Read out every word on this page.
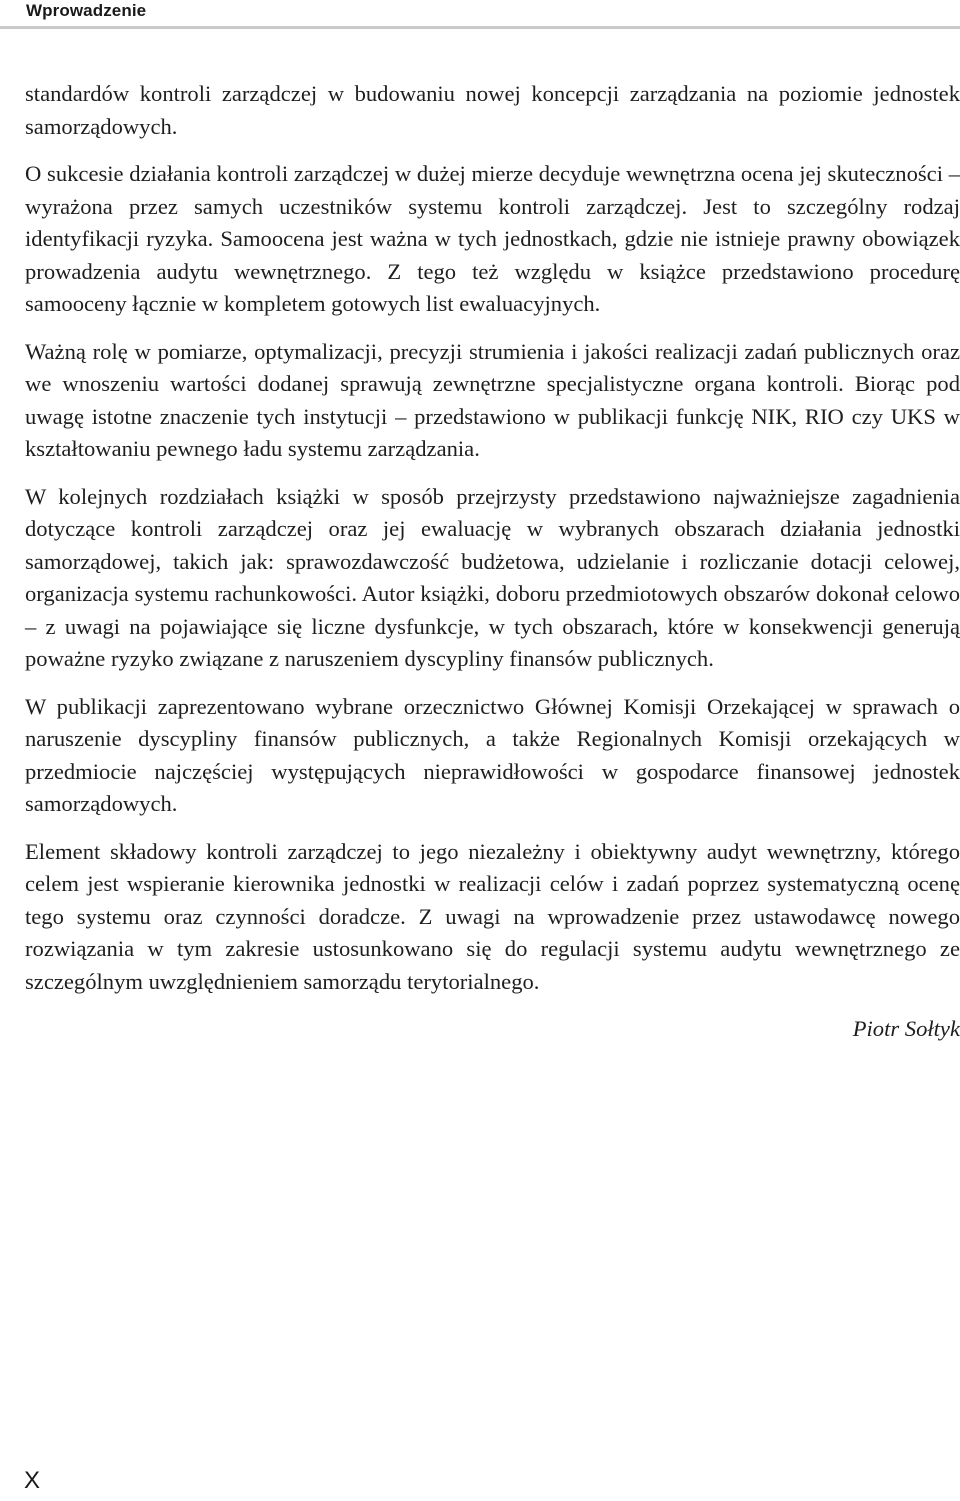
Wprowadzenie

standardów kontroli zarządczej w budowaniu nowej koncepcji zarządzania na poziomie jednostek samorządowych.

O sukcesie działania kontroli zarządczej w dużej mierze decyduje wewnętrzna ocena jej skuteczności – wyrażona przez samych uczestników systemu kontroli zarządczej. Jest to szczególny rodzaj identyfikacji ryzyka. Samoocena jest ważna w tych jednostkach, gdzie nie istnieje prawny obowiązek prowadzenia audytu wewnętrznego. Z tego też względu w książce przedstawiono procedurę samooceny łącznie w kompletem gotowych list ewaluacyjnych.

Ważną rolę w pomiarze, optymalizacji, precyzji strumienia i jakości realizacji zadań publicznych oraz we wnoszeniu wartości dodanej sprawują zewnętrzne specjalistyczne organa kontroli. Biorąc pod uwagę istotne znaczenie tych instytucji – przedstawiono w publikacji funkcję NIK, RIO czy UKS w kształtowaniu pewnego ładu systemu zarządzania.

W kolejnych rozdziałach książki w sposób przejrzysty przedstawiono najważniejsze zagadnienia dotyczące kontroli zarządczej oraz jej ewaluację w wybranych obszarach działania jednostki samorządowej, takich jak: sprawozdawczość budżetowa, udzielanie i rozliczanie dotacji celowej, organizacja systemu rachunkowości. Autor książki, doboru przedmiotowych obszarów dokonał celowo – z uwagi na pojawiające się liczne dysfunkcje, w tych obszarach, które w konsekwencji generują poważne ryzyko związane z naruszeniem dyscypliny finansów publicznych.

W publikacji zaprezentowano wybrane orzecznictwo Głównej Komisji Orzekającej w sprawach o naruszenie dyscypliny finansów publicznych, a także Regionalnych Komisji orzekających w przedmiocie najczęściej występujących nieprawidłowości w gospodarce finansowej jednostek samorządowych.

Element składowy kontroli zarządczej to jego niezależny i obiektywny audyt wewnętrzny, którego celem jest wspieranie kierownika jednostki w realizacji celów i zadań poprzez systematyczną ocenę tego systemu oraz czynności doradcze. Z uwagi na wprowadzenie przez ustawodawcę nowego rozwiązania w tym zakresie ustosunkowano się do regulacji systemu audytu wewnętrznego ze szczególnym uwzględnieniem samorządu terytorialnego.

Piotr Sołtyk
X
